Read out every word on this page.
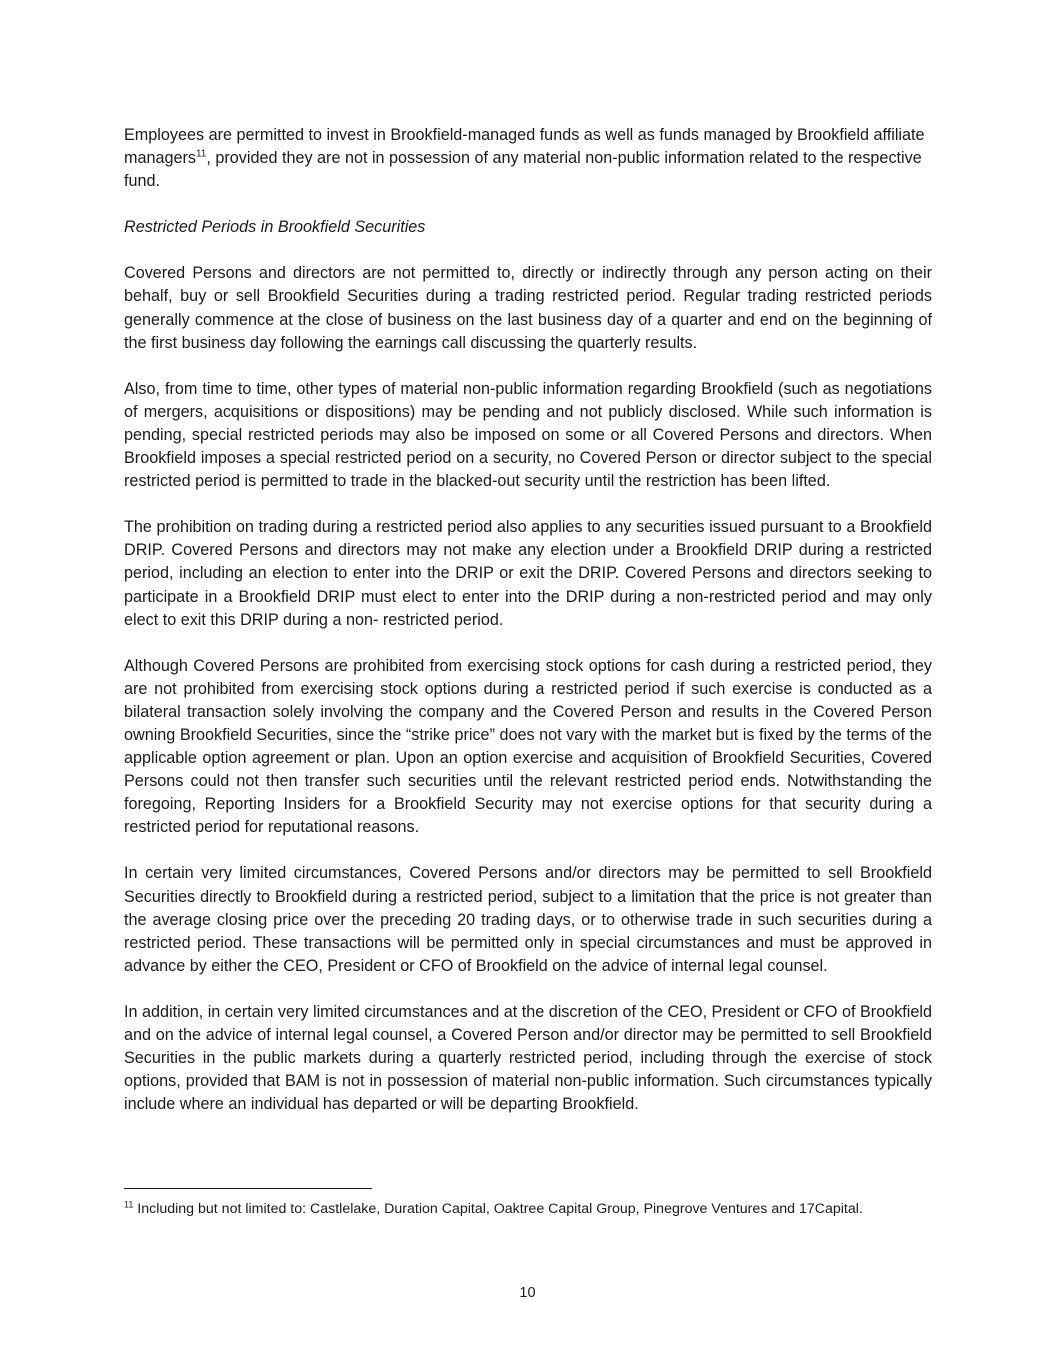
Employees are permitted to invest in Brookfield-managed funds as well as funds managed by Brookfield affiliate managers$^{11}$, provided they are not in possession of any material non-public information related to the respective fund.

Restricted Periods in Brookfield Securities

Covered Persons and directors are not permitted to, directly or indirectly through any person acting on their behalf, buy or sell Brookfield Securities during a trading restricted period. Regular trading restricted periods generally commence at the close of business on the last business day of a quarter and end on the beginning of the first business day following the earnings call discussing the quarterly results.

Also, from time to time, other types of material non-public information regarding Brookfield (such as negotiations of mergers, acquisitions or dispositions) may be pending and not publicly disclosed. While such information is pending, special restricted periods may also be imposed on some or all Covered Persons and directors. When Brookfield imposes a special restricted period on a security, no Covered Person or director subject to the special restricted period is permitted to trade in the blacked-out security until the restriction has been lifted.

The prohibition on trading during a restricted period also applies to any securities issued pursuant to a Brookfield DRIP. Covered Persons and directors may not make any election under a Brookfield DRIP during a restricted period, including an election to enter into the DRIP or exit the DRIP. Covered Persons and directors seeking to participate in a Brookfield DRIP must elect to enter into the DRIP during a non-restricted period and may only elect to exit this DRIP during a non- restricted period.

Although Covered Persons are prohibited from exercising stock options for cash during a restricted period, they are not prohibited from exercising stock options during a restricted period if such exercise is conducted as a bilateral transaction solely involving the company and the Covered Person and results in the Covered Person owning Brookfield Securities, since the “strike price” does not vary with the market but is fixed by the terms of the applicable option agreement or plan. Upon an option exercise and acquisition of Brookfield Securities, Covered Persons could not then transfer such securities until the relevant restricted period ends. Notwithstanding the foregoing, Reporting Insiders for a Brookfield Security may not exercise options for that security during a restricted period for reputational reasons.

In certain very limited circumstances, Covered Persons and/or directors may be permitted to sell Brookfield Securities directly to Brookfield during a restricted period, subject to a limitation that the price is not greater than the average closing price over the preceding 20 trading days, or to otherwise trade in such securities during a restricted period. These transactions will be permitted only in special circumstances and must be approved in advance by either the CEO, President or CFO of Brookfield on the advice of internal legal counsel.

In addition, in certain very limited circumstances and at the discretion of the CEO, President or CFO of Brookfield and on the advice of internal legal counsel, a Covered Person and/or director may be permitted to sell Brookfield Securities in the public markets during a quarterly restricted period, including through the exercise of stock options, provided that BAM is not in possession of material non-public information. Such circumstances typically include where an individual has departed or will be departing Brookfield.

$^{11}$ Including but not limited to: Castlelake, Duration Capital, Oaktree Capital Group, Pinegrove Ventures and 17Capital.
10
